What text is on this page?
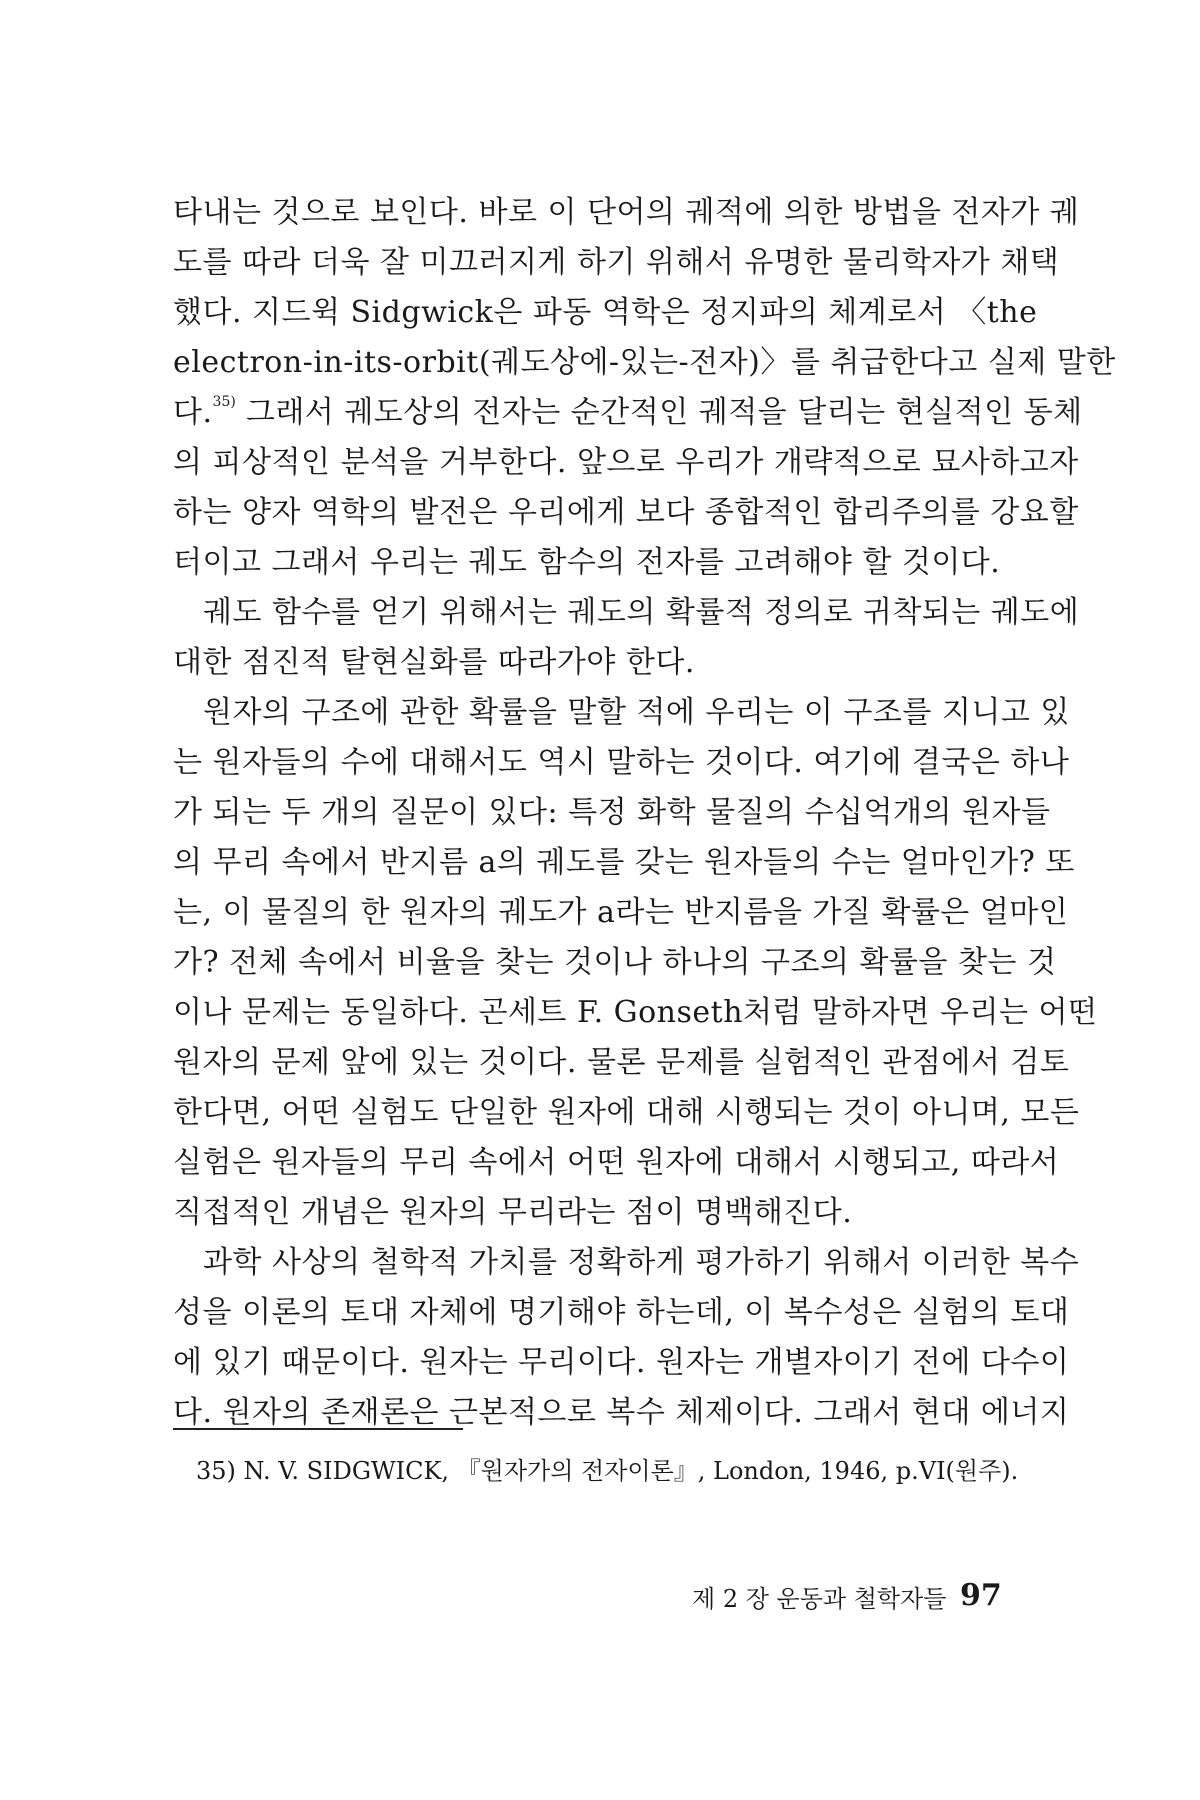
타내는 것으로 보인다. 바로 이 단어의 궤적에 의한 방법을 전자가 궤
도를 따라 더욱 잘 미끄러지게 하기 위해서 유명한 물리학자가 채택
했다. 지드윅 Sidgwick은 파동 역학은 정지파의 체계로서 〈the
electron-in-its-orbit(궤도상에-있는-전자)〉를 취급한다고 실제 말한
다.$^{35)}$ 그래서 궤도상의 전자는 순간적인 궤적을 달리는 현실적인 동체
의 피상적인 분석을 거부한다. 앞으로 우리가 개략적으로 묘사하고자
하는 양자 역학의 발전은 우리에게 보다 종합적인 합리주의를 강요할
터이고 그래서 우리는 궤도 함수의 전자를 고려해야 할 것이다.
궤도 함수를 얻기 위해서는 궤도의 확률적 정의로 귀착되는 궤도에
대한 점진적 탈현실화를 따라가야 한다.
원자의 구조에 관한 확률을 말할 적에 우리는 이 구조를 지니고 있
는 원자들의 수에 대해서도 역시 말하는 것이다. 여기에 결국은 하나
가 되는 두 개의 질문이 있다: 특정 화학 물질의 수십억개의 원자들
의 무리 속에서 반지름 a의 궤도를 갖는 원자들의 수는 얼마인가? 또
는, 이 물질의 한 원자의 궤도가 a라는 반지름을 가질 확률은 얼마인
가? 전체 속에서 비율을 찾는 것이나 하나의 구조의 확률을 찾는 것
이나 문제는 동일하다. 곤세트 F. Gonseth처럼 말하자면 우리는 어떤
원자의 문제 앞에 있는 것이다. 물론 문제를 실험적인 관점에서 검토
한다면, 어떤 실험도 단일한 원자에 대해 시행되는 것이 아니며, 모든
실험은 원자들의 무리 속에서 어떤 원자에 대해서 시행되고, 따라서
직접적인 개념은 원자의 무리라는 점이 명백해진다.
과학 사상의 철학적 가치를 정확하게 평가하기 위해서 이러한 복수
성을 이론의 토대 자체에 명기해야 하는데, 이 복수성은 실험의 토대
에 있기 때문이다. 원자는 무리이다. 원자는 개별자이기 전에 다수이
다. 원자의 존재론은 근본적으로 복수 체제이다. 그래서 현대 에너지
35) N. V. SIDGWICK, 『원자가의 전자이론』, London, 1946, p.VI(원주).
제 2 장 운동과 철학자들 97
